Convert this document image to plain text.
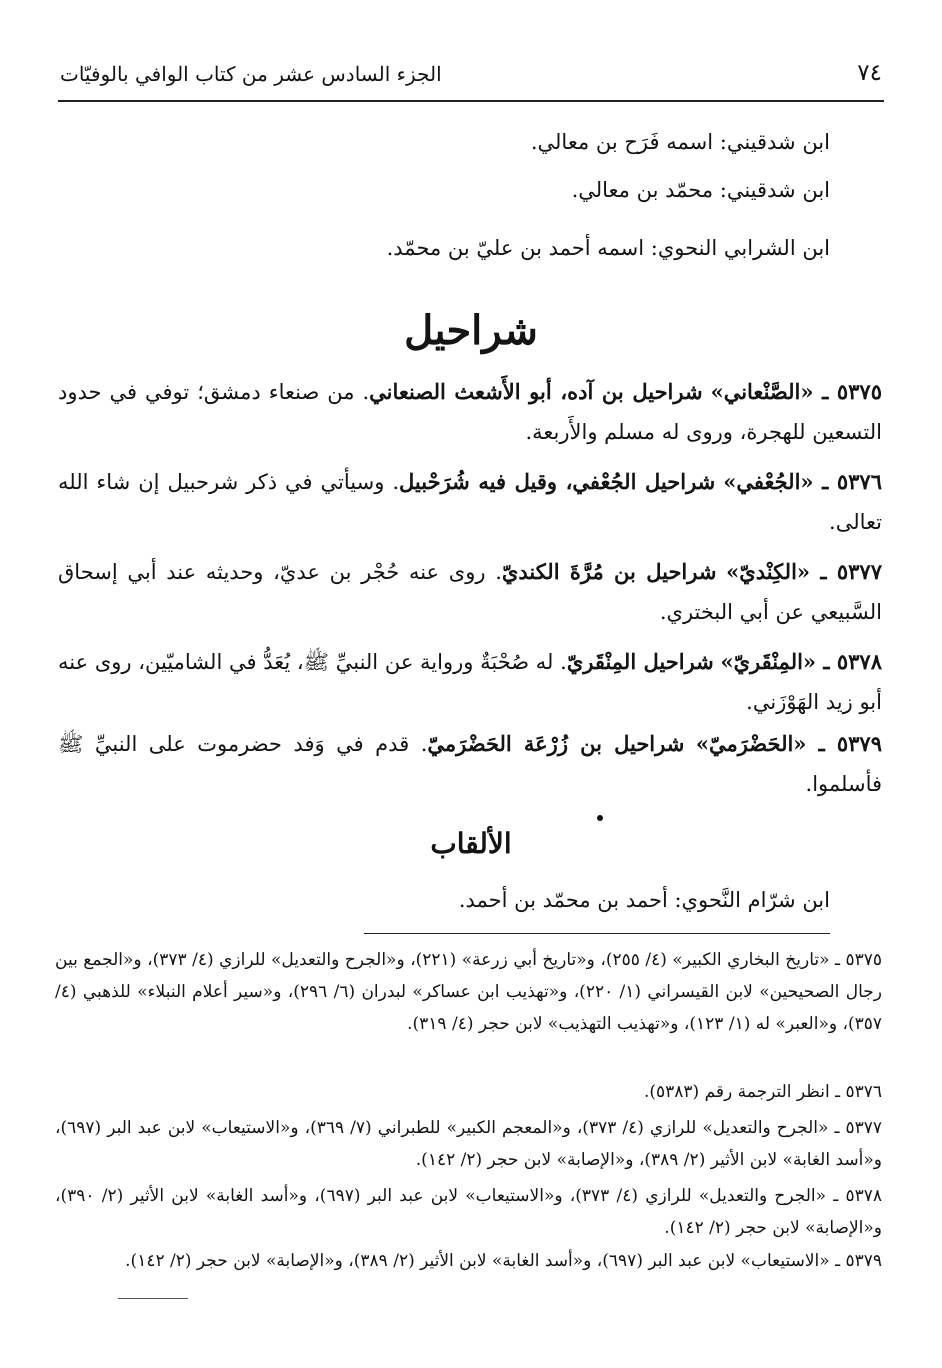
٧٤
الجزء السادس عشر من كتاب الوافي بالوفيّات
ابن شدقيني: اسمه فَرَح بن معالي.
ابن شدقيني: محمّد بن معالي.
ابن الشرابي النحوي: اسمه أحمد بن عليّ بن محمّد.
شراحيل
٥٣٧٥ ـ «الصَّنْعاني» شراحيل بن آده، أبو الأَشعث الصنعاني. من صنعاء دمشق؛ توفي في حدود التسعين للهجرة، وروى له مسلم والأَربعة.
٥٣٧٦ ـ «الجُعْفي» شراحيل الجُعْفي، وقيل فيه شُرَحْبيل. وسيأتي في ذكر شرحبيل إن شاء الله تعالى.
٥٣٧٧ ـ «الكِنْديّ» شراحيل بن مُرَّةَ الكنديّ. روى عنه حُجْر بن عديّ، وحديثه عند أبي إسحاق السَّبيعي عن أبي البختري.
٥٣٧٨ ـ «المِنْقَريّ» شراحيل المِنْقَريّ. له صُحْبَةٌ ورواية عن النبيِّ ﷺ، يُعَدُّ في الشاميّين، روى عنه أبو زيد الهَوْزَني.
٥٣٧٩ ـ «الحَضْرَميّ» شراحيل بن زُرْعَة الحَضْرَميّ. قدم في وَفد حضرموت على النبيِّ ﷺ فأسلموا.
الألقاب
ابن شرّام النَّحوي: أحمد بن محمّد بن أحمد.
٥٣٧٥ ـ «تاريخ البخاري الكبير» (٤/ ٢٥٥)، و«تاريخ أبي زرعة» (٢٢١)، و«الجرح والتعديل» للرازي (٤/ ٣٧٣)، و«الجمع بين رجال الصحيحين» لابن القيسراني (١/ ٢٢٠)، و«تهذيب ابن عساكر» لبدران (٦/ ٢٩٦)، و«سير أعلام النبلاء» للذهبي (٤/ ٣٥٧)، و«العبر» له (١/ ١٢٣)، و«تهذيب التهذيب» لابن حجر (٤/ ٣١٩).
٥٣٧٦ ـ انظر الترجمة رقم (٥٣٨٣).
٥٣٧٧ ـ «الجرح والتعديل» للرازي (٤/ ٣٧٣)، و«المعجم الكبير» للطبراني (٧/ ٣٦٩)، و«الاستيعاب» لابن عبد البر (٦٩٧)، و«أسد الغابة» لابن الأثير (٢/ ٣٨٩)، و«الإصابة» لابن حجر (٢/ ١٤٢).
٥٣٧٨ ـ «الجرح والتعديل» للرازي (٤/ ٣٧٣)، و«الاستيعاب» لابن عبد البر (٦٩٧)، و«أسد الغابة» لابن الأثير (٢/ ٣٩٠)، و«الإصابة» لابن حجر (٢/ ١٤٢).
٥٣٧٩ ـ «الاستيعاب» لابن عبد البر (٦٩٧)، و«أسد الغابة» لابن الأثير (٢/ ٣٨٩)، و«الإصابة» لابن حجر (٢/ ١٤٢).
